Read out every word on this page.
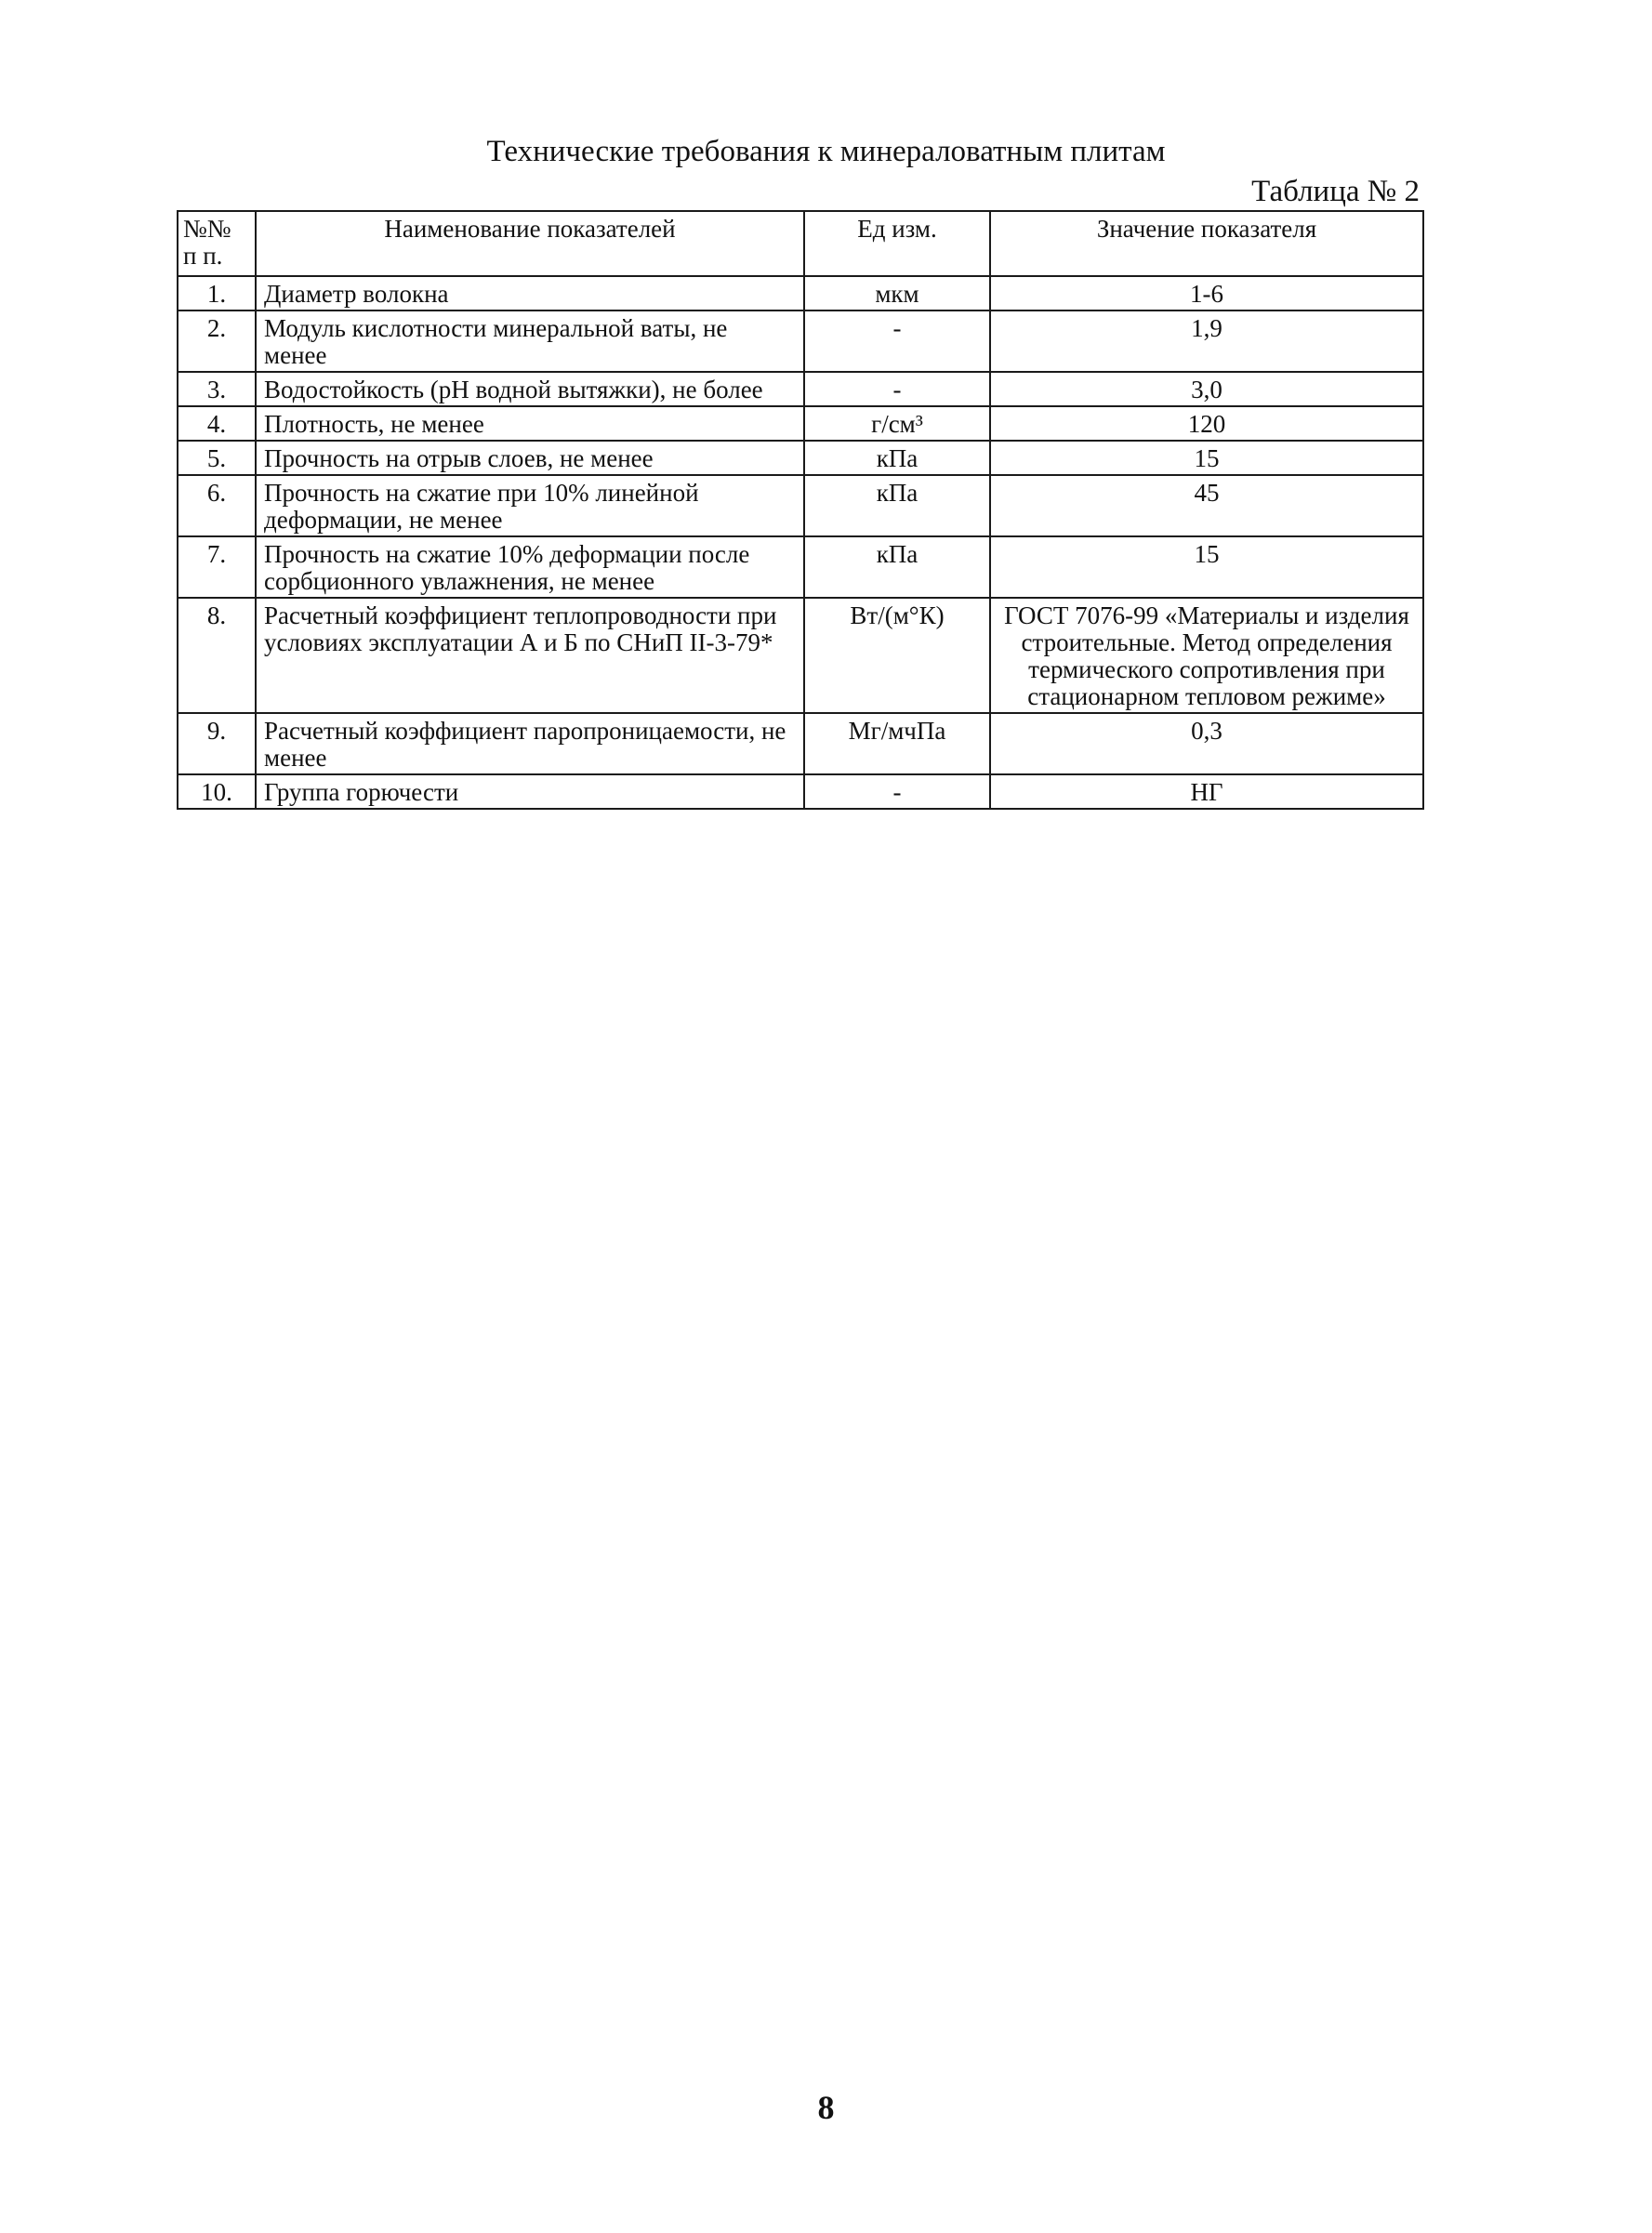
Технические требования к минераловатным плитам
Таблица № 2
№№ п п.	Наименование показателей	Ед изм.	Значение показателя
1.	Диаметр волокна	мкм	1-6
2.	Модуль кислотности минеральной ваты, не менее	-	1,9
3.	Водостойкость (рН водной вытяжки), не более	-	3,0
4.	Плотность, не менее	г/см³	120
5.	Прочность на отрыв слоев, не менее	кПа	15
6.	Прочность на сжатие при 10% линейной деформации, не менее	кПа	45
7.	Прочность на сжатие 10% деформации после сорбционного увлажнения, не менее	кПа	15
8.	Расчетный коэффициент теплопроводности при условиях эксплуатации А и Б по СНиП II-3-79*	Вт/(м°К)	ГОСТ 7076-99 «Материалы и изделия строительные. Метод определения термического сопротивления при стационарном тепловом режиме»
9.	Расчетный коэффициент паропроницаемости, не менее	Мг/мчПа	0,3
10.	Группа горючести	-	НГ
8
